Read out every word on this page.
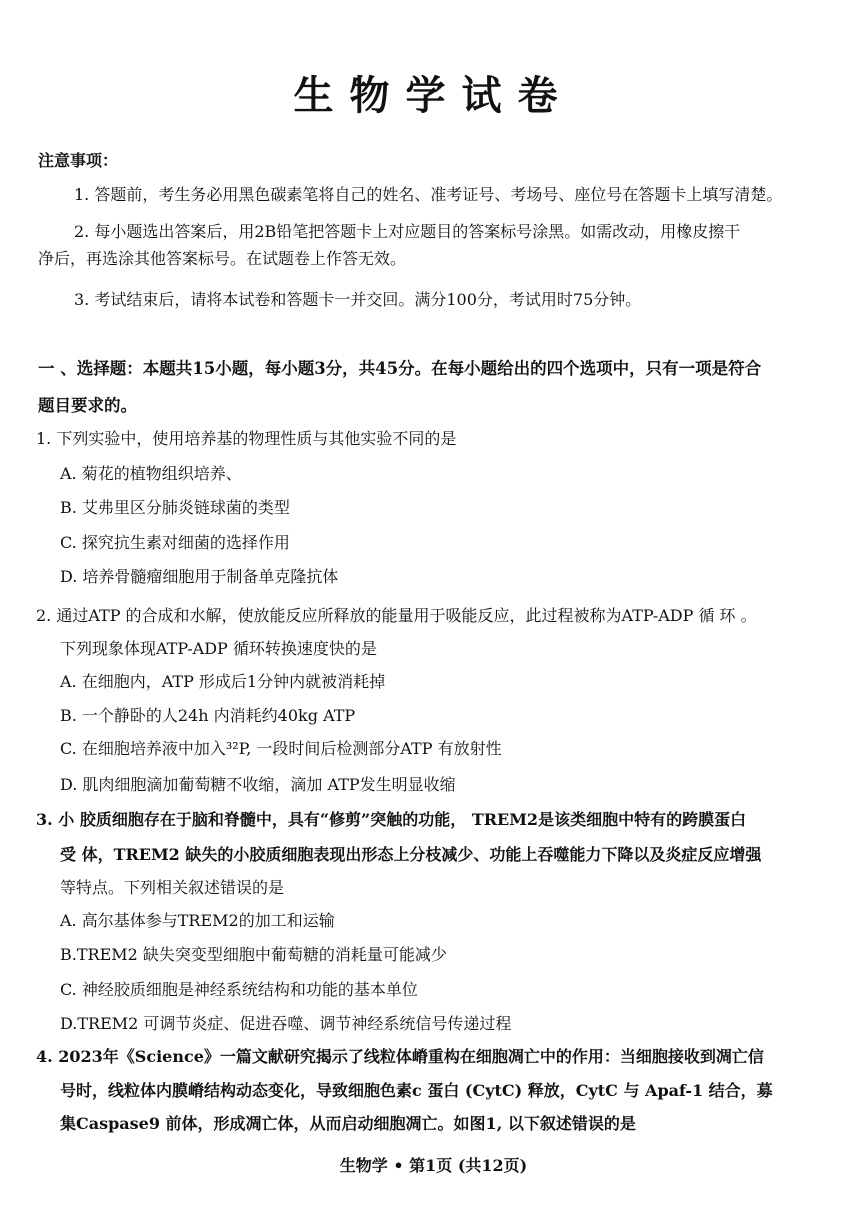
生物学试卷
注意事项：
1. 答题前，考生务必用黑色碳素笔将自己的姓名、准考证号、考场号、座位号在答题卡上填写清楚。
2. 每小题选出答案后，用2B铅笔把答题卡上对应题目的答案标号涂黑。如需改动，用橡皮擦干
净后，再选涂其他答案标号。在试题卷上作答无效。
3. 考试结束后，请将本试卷和答题卡一并交回。满分100分，考试用时75分钟。
一 、选择题：本题共15小题，每小题3分，共45分。在每小题给出的四个选项中，只有一项是符合
题目要求的。
1. 下列实验中，使用培养基的物理性质与其他实验不同的是
A. 菊花的植物组织培养、
B. 艾弗里区分肺炎链球菌的类型
C. 探究抗生素对细菌的选择作用
D. 培养骨髓瘤细胞用于制备单克隆抗体
2. 通过ATP 的合成和水解，使放能反应所释放的能量用于吸能反应，此过程被称为ATP-ADP 循 环 。
下列现象体现ATP-ADP 循环转换速度快的是
A. 在细胞内，ATP 形成后1分钟内就被消耗掉
B. 一个静卧的人24h 内消耗约40kg ATP
C. 在细胞培养液中加入³²P, 一段时间后检测部分ATP 有放射性
D. 肌肉细胞滴加葡萄糖不收缩，滴加 ATP发生明显收缩
3. 小 胶质细胞存在于脑和脊髓中，具有“修剪”突触的功能， TREM2是该类细胞中特有的跨膜蛋白
受 体，TREM2 缺失的小胶质细胞表现出形态上分枝减少、功能上吞噬能力下降以及炎症反应增强
等特点。下列相关叙述错误的是
A. 高尔基体参与TREM2的加工和运输
B.TREM2 缺失突变型细胞中葡萄糖的消耗量可能减少
C. 神经胶质细胞是神经系统结构和功能的基本单位
D.TREM2 可调节炎症、促进吞噬、调节神经系统信号传递过程
4. 2023年《Science》一篇文献研究揭示了线粒体嵴重构在细胞凋亡中的作用：当细胞接收到凋亡信
号时，线粒体内膜嵴结构动态变化，导致细胞色素c 蛋白 (CytC) 释放，CytC 与 Apaf-1 结合，募
集Caspase9 前体，形成凋亡体，从而启动细胞凋亡。如图1, 以下叙述错误的是
生物学 • 第1页 (共12页)
